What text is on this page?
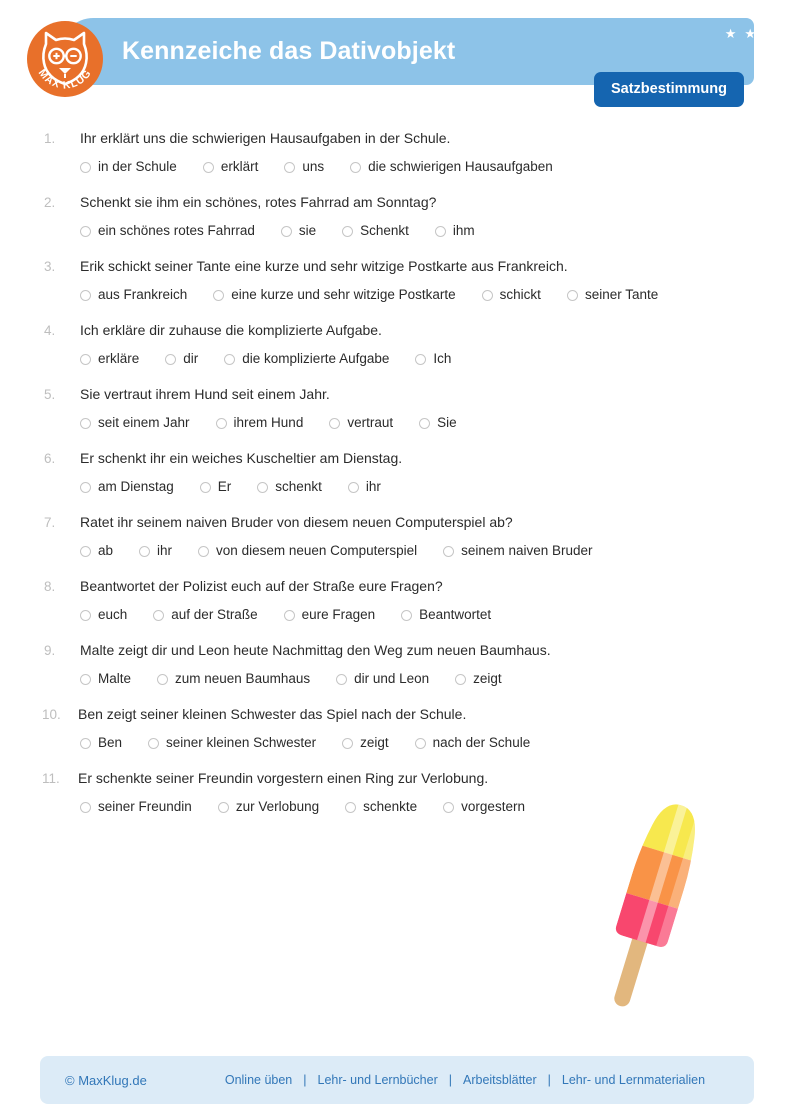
Kennzeiche das Dativobjekt
★ ★
Satzbestimmung
MAX KLUG
1.	Ihr erklärt uns die schwierigen Hausaufgaben in der Schule.
in der Schule	erklärt	uns	die schwierigen Hausaufgaben
2.	Schenkt sie ihm ein schönes, rotes Fahrrad am Sonntag?
ein schönes rotes Fahrrad	sie	Schenkt	ihm
3.	Erik schickt seiner Tante eine kurze und sehr witzige Postkarte aus Frankreich.
aus Frankreich	eine kurze und sehr witzige Postkarte	schickt	seiner Tante
4.	Ich erkläre dir zuhause die komplizierte Aufgabe.
erkläre	dir	die komplizierte Aufgabe	Ich
5.	Sie vertraut ihrem Hund seit einem Jahr.
seit einem Jahr	ihrem Hund	vertraut	Sie
6.	Er schenkt ihr ein weiches Kuscheltier am Dienstag.
am Dienstag	Er	schenkt	ihr
7.	Ratet ihr seinem naiven Bruder von diesem neuen Computerspiel ab?
ab	ihr	von diesem neuen Computerspiel	seinem naiven Bruder
8.	Beantwortet der Polizist euch auf der Straße eure Fragen?
euch	auf der Straße	eure Fragen	Beantwortet
9.	Malte zeigt dir und Leon heute Nachmittag den Weg zum neuen Baumhaus.
Malte	zum neuen Baumhaus	dir und Leon	zeigt
10.	Ben zeigt seiner kleinen Schwester das Spiel nach der Schule.
Ben	seiner kleinen Schwester	zeigt	nach der Schule
11.	Er schenkte seiner Freundin vorgestern einen Ring zur Verlobung.
seiner Freundin	zur Verlobung	schenkte	vorgestern
© MaxKlug.de	Online üben | Lehr- und Lernbücher | Arbeitsblätter | Lehr- und Lernmaterialien
